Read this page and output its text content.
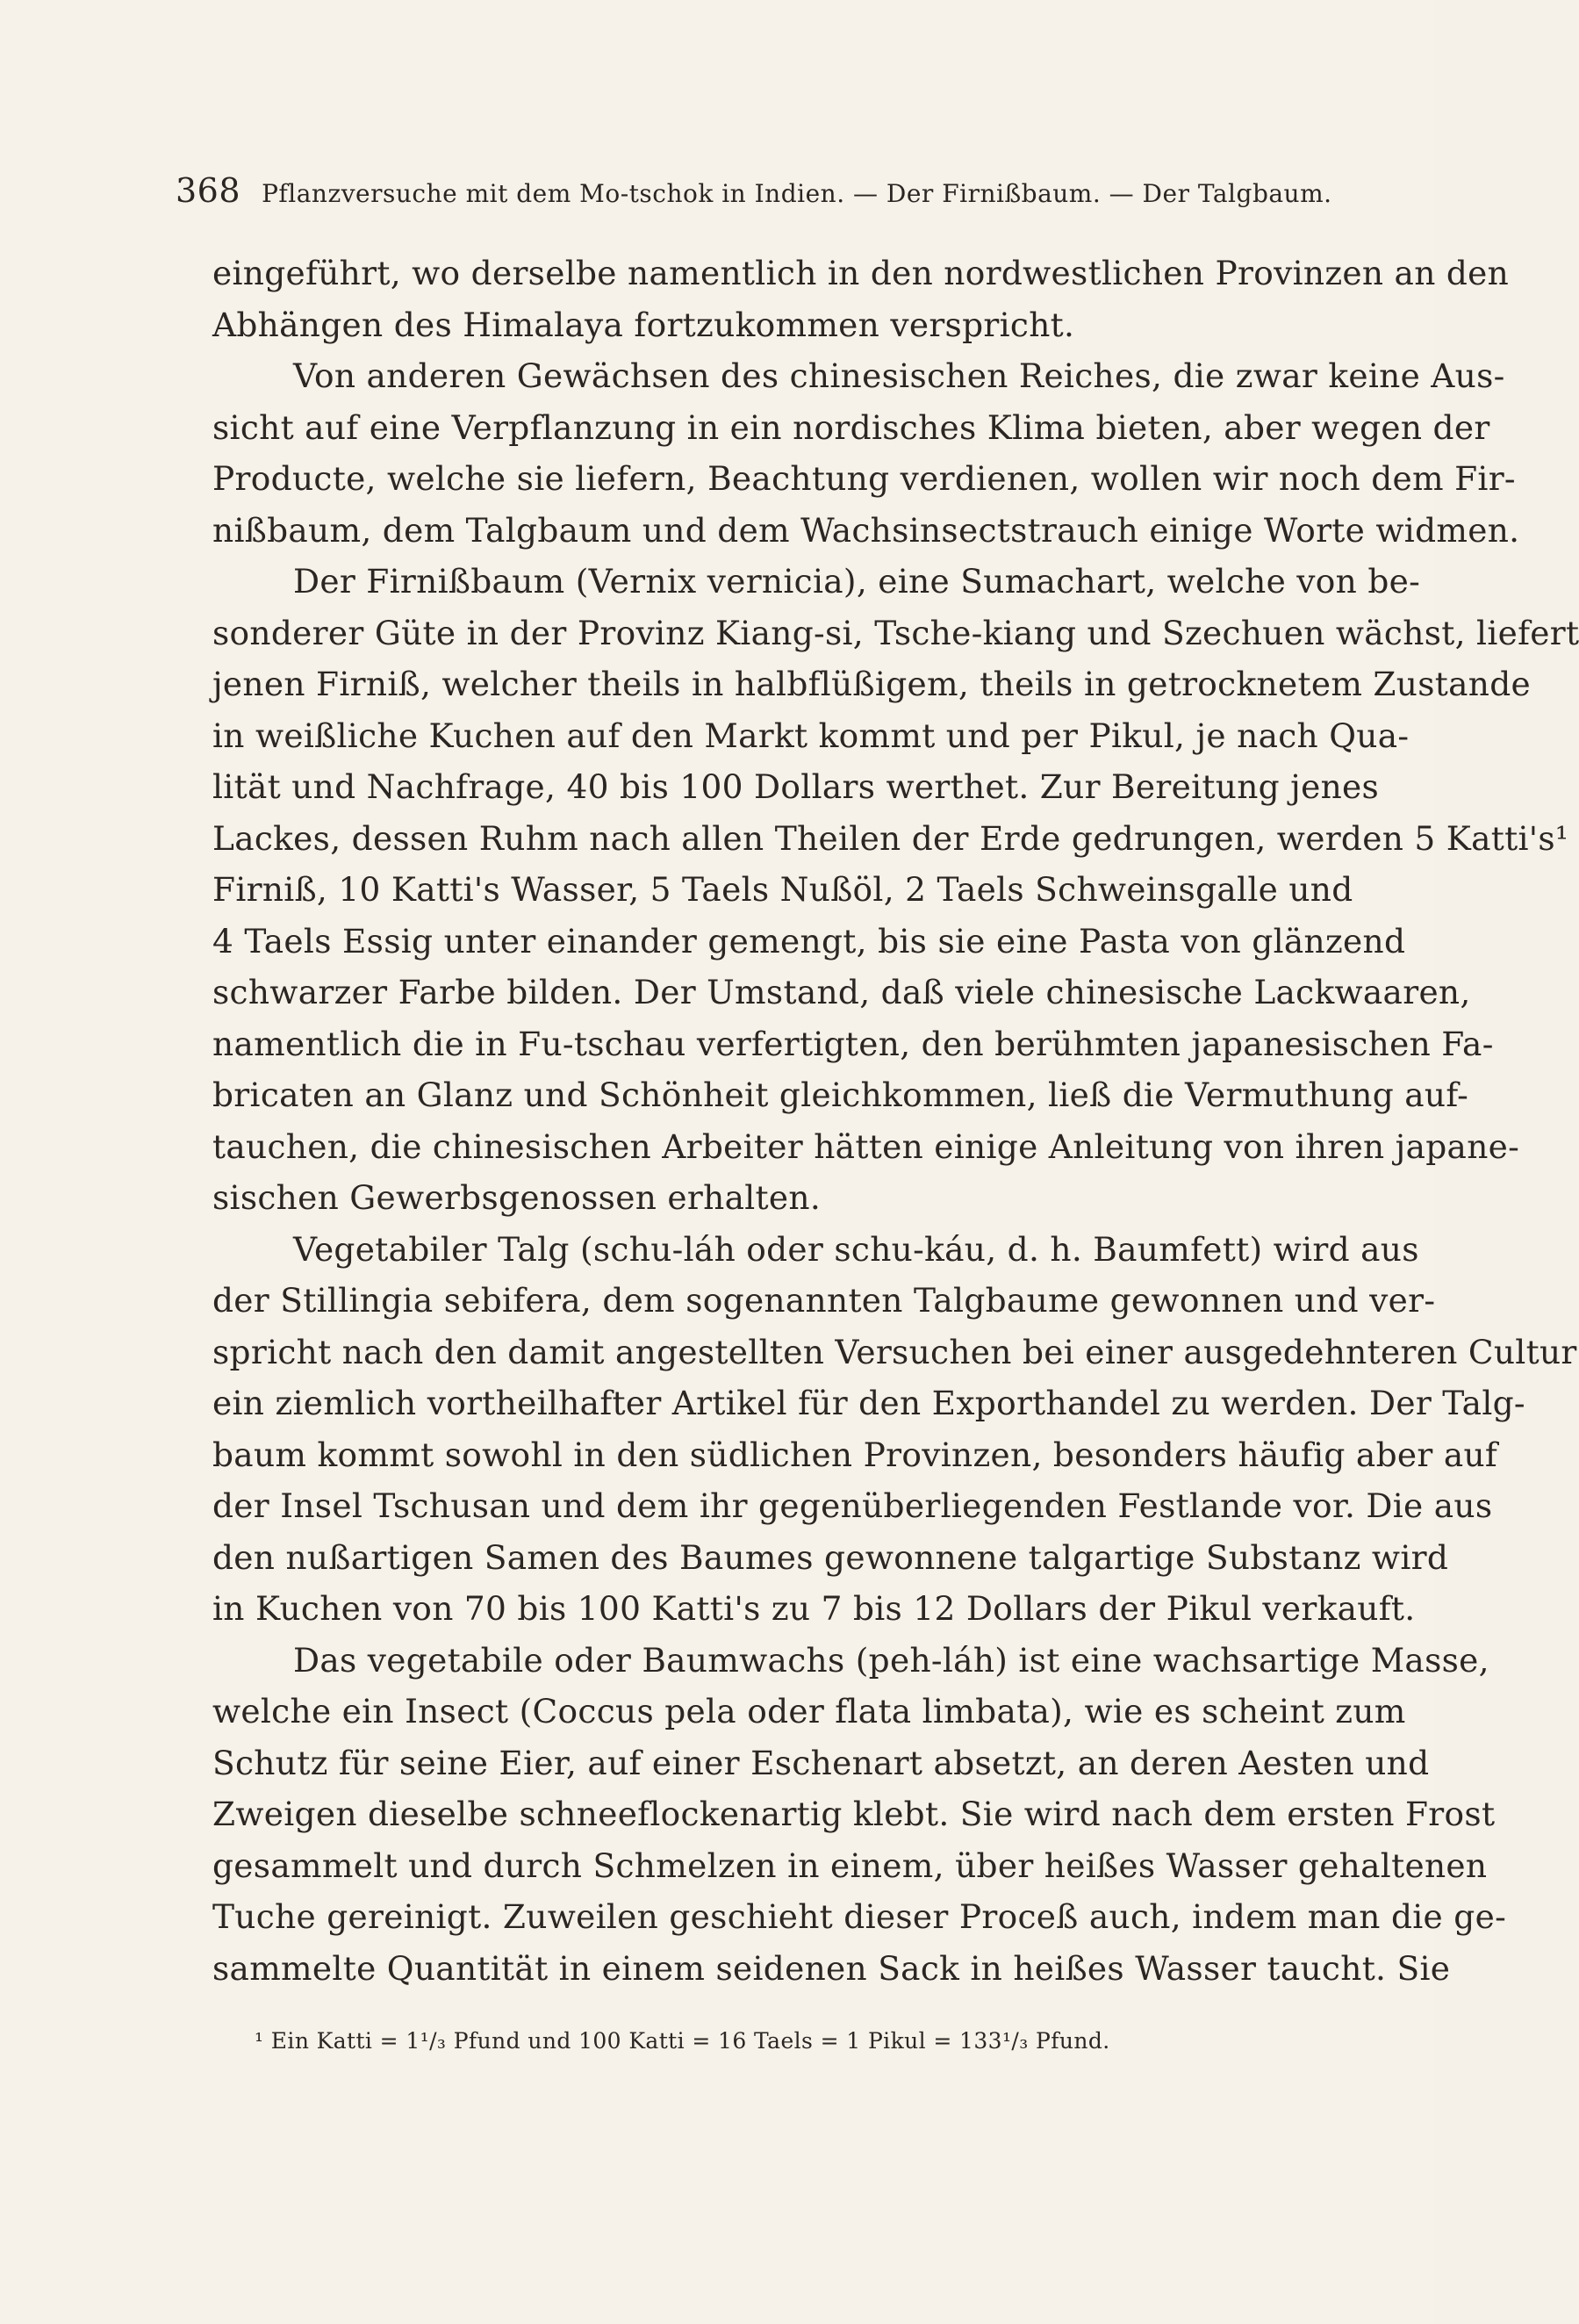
368 Pflanzversuche mit dem Mo-tschok in Indien. — Der Firnißbaum. — Der Talgbaum.
eingeführt, wo derselbe namentlich in den nordwestlichen Provinzen an den
Abhängen des Himalaya fortzukommen verspricht.
Von anderen Gewächsen des chinesischen Reiches, die zwar keine Aus-
sicht auf eine Verpflanzung in ein nordisches Klima bieten, aber wegen der
Producte, welche sie liefern, Beachtung verdienen, wollen wir noch dem Fir-
nißbaum, dem Talgbaum und dem Wachsinsectstrauch einige Worte widmen.
Der Firnißbaum (Vernix vernicia), eine Sumachart, welche von be-
sonderer Güte in der Provinz Kiang-si, Tsche-kiang und Szechuen wächst, liefert
jenen Firniß, welcher theils in halbflüßigem, theils in getrocknetem Zustande
in weißliche Kuchen auf den Markt kommt und per Pikul, je nach Qua-
lität und Nachfrage, 40 bis 100 Dollars werthet. Zur Bereitung jenes
Lackes, dessen Ruhm nach allen Theilen der Erde gedrungen, werden 5 Katti's¹
Firniß, 10 Katti's Wasser, 5 Taels Nußöl, 2 Taels Schweinsgalle und
4 Taels Essig unter einander gemengt, bis sie eine Pasta von glänzend
schwarzer Farbe bilden. Der Umstand, daß viele chinesische Lackwaaren,
namentlich die in Fu-tschau verfertigten, den berühmten japanesischen Fa-
bricaten an Glanz und Schönheit gleichkommen, ließ die Vermuthung auf-
tauchen, die chinesischen Arbeiter hätten einige Anleitung von ihren japane-
sischen Gewerbsgenossen erhalten.
Vegetabiler Talg (schu-láh oder schu-káu, d. h. Baumfett) wird aus
der Stillingia sebifera, dem sogenannten Talgbaume gewonnen und ver-
spricht nach den damit angestellten Versuchen bei einer ausgedehnteren Cultur
ein ziemlich vortheilhafter Artikel für den Exporthandel zu werden. Der Talg-
baum kommt sowohl in den südlichen Provinzen, besonders häufig aber auf
der Insel Tschusan und dem ihr gegenüberliegenden Festlande vor. Die aus
den nußartigen Samen des Baumes gewonnene talgartige Substanz wird
in Kuchen von 70 bis 100 Katti's zu 7 bis 12 Dollars der Pikul verkauft.
Das vegetabile oder Baumwachs (peh-láh) ist eine wachsartige Masse,
welche ein Insect (Coccus pela oder flata limbata), wie es scheint zum
Schutz für seine Eier, auf einer Eschenart absetzt, an deren Aesten und
Zweigen dieselbe schneeflockenartig klebt. Sie wird nach dem ersten Frost
gesammelt und durch Schmelzen in einem, über heißes Wasser gehaltenen
Tuche gereinigt. Zuweilen geschieht dieser Proceß auch, indem man die ge-
sammelte Quantität in einem seidenen Sack in heißes Wasser taucht. Sie
¹ Ein Katti = 1¹/₃ Pfund und 100 Katti = 16 Taels = 1 Pikul = 133¹/₃ Pfund.
